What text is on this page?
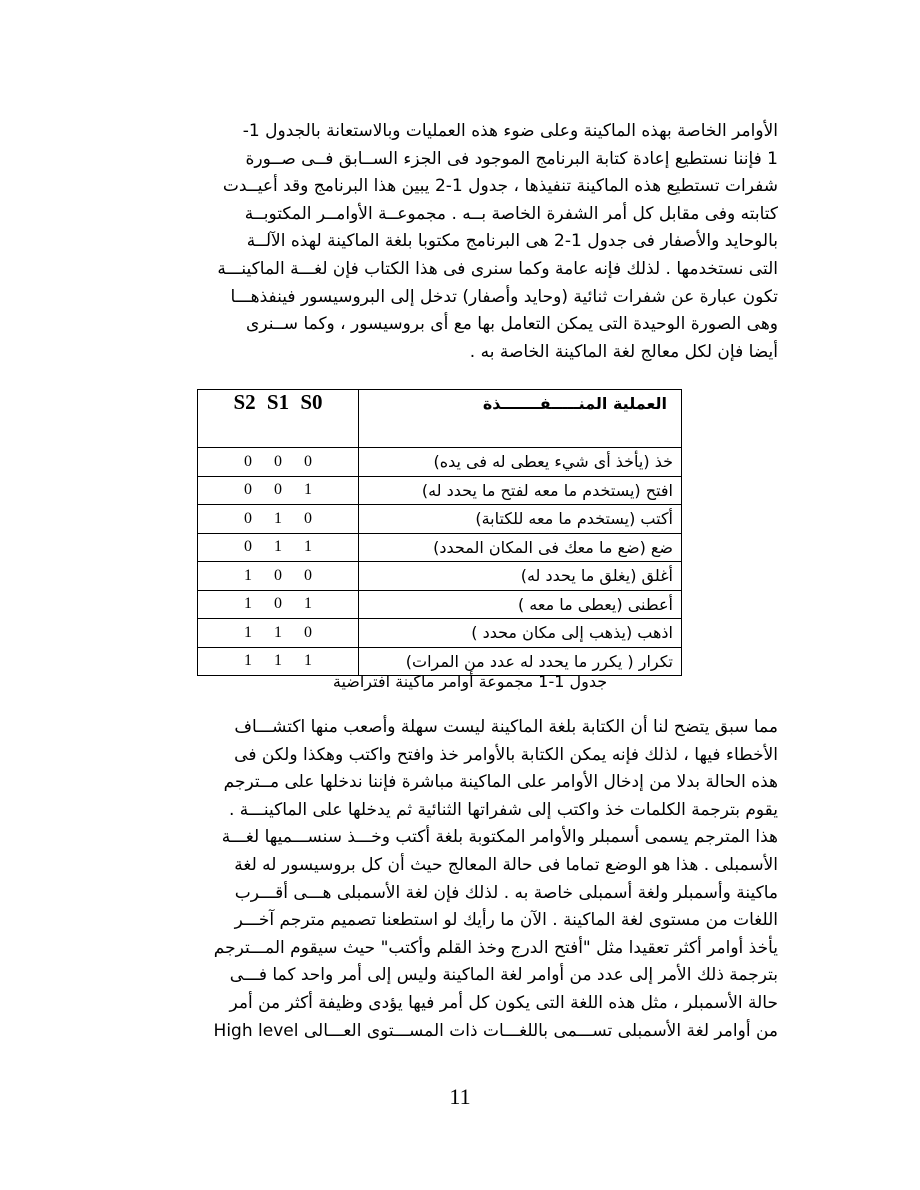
الأوامر الخاصة بهذه الماكينة وعلى ضوء هذه العمليات وبالاستعانة بالجدول 1-
1 فإننا نستطيع إعادة كتابة البرنامج الموجود فى الجزء الســابق فــى صــورة
شفرات تستطيع هذه الماكينة تنفيذها ، جدول 1-2 يبين هذا البرنامج وقد أعيــدت
كتابته وفى مقابل كل أمر الشفرة الخاصة بــه . مجموعــة الأوامــر المكتوبــة
بالوحايد والأصفار فى جدول 1-2 هى البرنامج مكتوبا بلغة الماكينة لهذه الآلــة
التى نستخدمها . لذلك فإنه عامة وكما سنرى فى هذا الكتاب فإن لغـــة الماكينـــة
تكون عبارة عن شفرات ثنائية (وحايد وأصفار) تدخل إلى البروسيسور فينفذهـــا
وهى الصورة الوحيدة التى يمكن التعامل بها مع أى بروسيسور ، وكما ســنرى
أيضا فإن لكل معالج لغة الماكينة الخاصة به .
S2 S1 S0	العملية المنـــــفـــــــذة
0 0 0	خذ (يأخذ أى شيء يعطى له فى يده)
0 0 1	افتح (يستخدم ما معه لفتح ما يحدد له)
0 1 0	أكتب (يستخدم ما معه للكتابة)
0 1 1	ضع (ضع ما معك فى المكان المحدد)
1 0 0	أغلق (يغلق ما يحدد له)
1 0 1	أعطنى (يعطى ما معه )
1 1 0	اذهب (يذهب إلى مكان محدد )
1 1 1	تكرار ( يكرر ما يحدد له عدد من المرات)
جدول 1-1 مجموعة أوامر ماكينة افتراضية
مما سبق يتضح لنا أن الكتابة بلغة الماكينة ليست سهلة وأصعب منها اكتشـــاف
الأخطاء فيها ، لذلك فإنه يمكن الكتابة بالأوامر خذ وافتح واكتب وهكذا ولكن فى
هذه الحالة بدلا من إدخال الأوامر على الماكينة مباشرة فإننا ندخلها على مــترجم
يقوم بترجمة الكلمات خذ واكتب إلى شفراتها الثنائية ثم يدخلها على الماكينـــة .
هذا المترجم يسمى أسمبلر والأوامر المكتوبة بلغة أكتب وخـــذ سنســـميها لغـــة
الأسمبلى . هذا هو الوضع تماما فى حالة المعالج حيث أن كل بروسيسور له لغة
ماكينة وأسمبلر ولغة أسمبلى خاصة به . لذلك فإن لغة الأسمبلى هـــى أقـــرب
اللغات من مستوى لغة الماكينة . الآن ما رأيك لو استطعنا تصميم مترجم آخـــر
يأخذ أوامر أكثر تعقيدا مثل "أفتح الدرج وخذ القلم وأكتب" حيث سيقوم المـــترجم
بترجمة ذلك الأمر إلى عدد من أوامر لغة الماكينة وليس إلى أمر واحد كما فـــى
حالة الأسمبلر ، مثل هذه اللغة التى يكون كل أمر فيها يؤدى وظيفة أكثر من أمر
من أوامر لغة الأسمبلى تســـمى باللغـــات ذات المســـتوى العـــالى High level
11
